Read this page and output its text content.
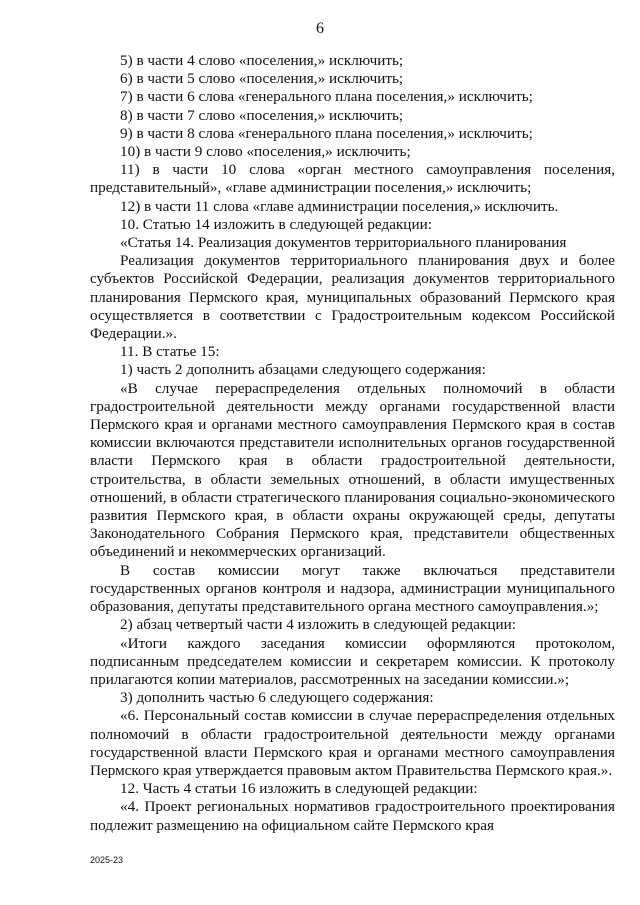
6

5) в части 4 слово «поселения,» исключить;

6) в части 5 слово «поселения,» исключить;

7) в части 6 слова «генерального плана поселения,» исключить;

8) в части 7 слово «поселения,» исключить;

9) в части 8 слова «генерального плана поселения,» исключить;

10) в части 9 слово «поселения,» исключить;

11) в части 10 слова «орган местного самоуправления поселения, представительный», «главе администрации поселения,» исключить;

12) в части 11 слова «главе администрации поселения,» исключить.

10. Статью 14 изложить в следующей редакции:

«Статья 14. Реализация документов территориального планирования

Реализация документов территориального планирования двух и более субъектов Российской Федерации, реализация документов территориального планирования Пермского края, муниципальных образований Пермского края осуществляется в соответствии с Градостроительным кодексом Российской Федерации.».

11. В статье 15:

1) часть 2 дополнить абзацами следующего содержания:

«В случае перераспределения отдельных полномочий в области градостроительной деятельности между органами государственной власти Пермского края и органами местного самоуправления Пермского края в состав комиссии включаются представители исполнительных органов государственной власти Пермского края в области градостроительной деятельности, строительства, в области земельных отношений, в области имущественных отношений, в области стратегического планирования социально-экономического развития Пермского края, в области охраны окружающей среды, депутаты Законодательного Собрания Пермского края, представители общественных объединений и некоммерческих организаций.

В состав комиссии могут также включаться представители государственных органов контроля и надзора, администрации муниципального образования, депутаты представительного органа местного самоуправления.»;

2) абзац четвертый части 4 изложить в следующей редакции:

«Итоги каждого заседания комиссии оформляются протоколом, подписанным председателем комиссии и секретарем комиссии. К протоколу прилагаются копии материалов, рассмотренных на заседании комиссии.»;

3) дополнить частью 6 следующего содержания:

«6. Персональный состав комиссии в случае перераспределения отдельных полномочий в области градостроительной деятельности между органами государственной власти Пермского края и органами местного самоуправления Пермского края утверждается правовым актом Правительства Пермского края.».

12. Часть 4 статьи 16 изложить в следующей редакции:

«4. Проект региональных нормативов градостроительного проектирования подлежит размещению на официальном сайте Пермского края

2025-23
